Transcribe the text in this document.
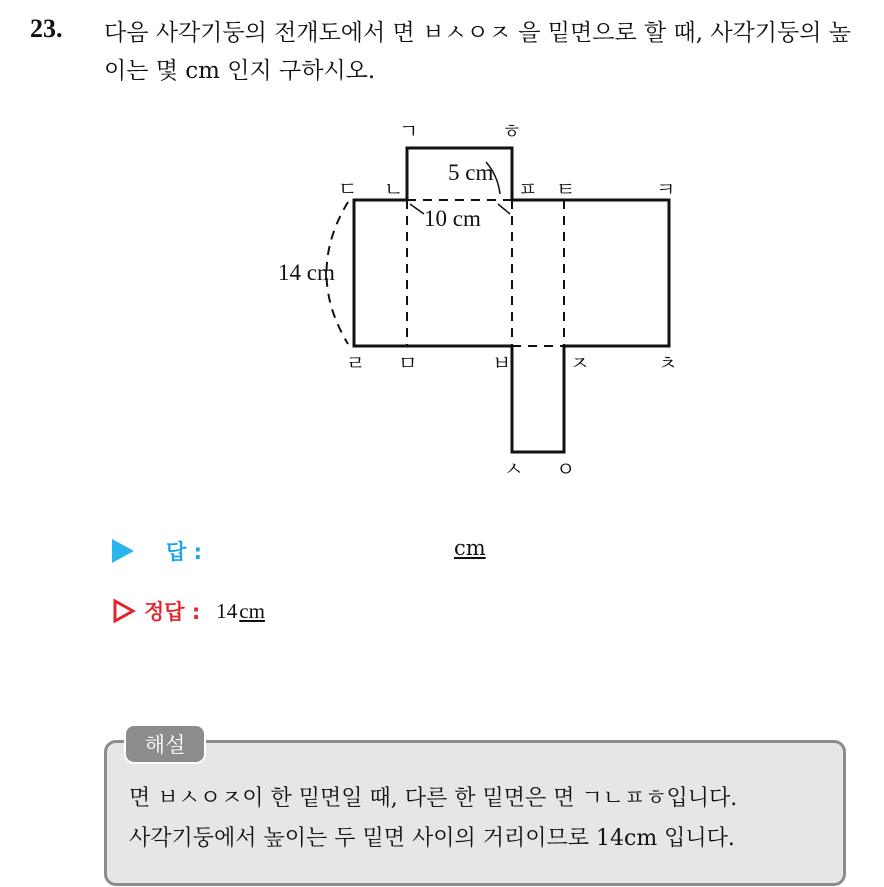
23. 다음 사각기둥의 전개도에서 면 ㅂㅅㅇㅈ 을 밑면으로 할 때, 사각기둥의 높이는 몇 cm 인지 구하시오.
5 cm
10 cm
14 cm
ㄱ	ㅎ
ㄷ ㄴ	ㅍ ㅌ	ㅋ
ㄹ ㅁ	ㅂ	ㅈ	ㅊ
ㅅ ㅇ
답 :	cm
정답 : 14cm
해설
면 ㅂㅅㅇㅈ이 한 밑면일 때, 다른 한 밑면은 면 ㄱㄴㅍㅎ입니다.
사각기둥에서 높이는 두 밑면 사이의 거리이므로 14cm 입니다.
